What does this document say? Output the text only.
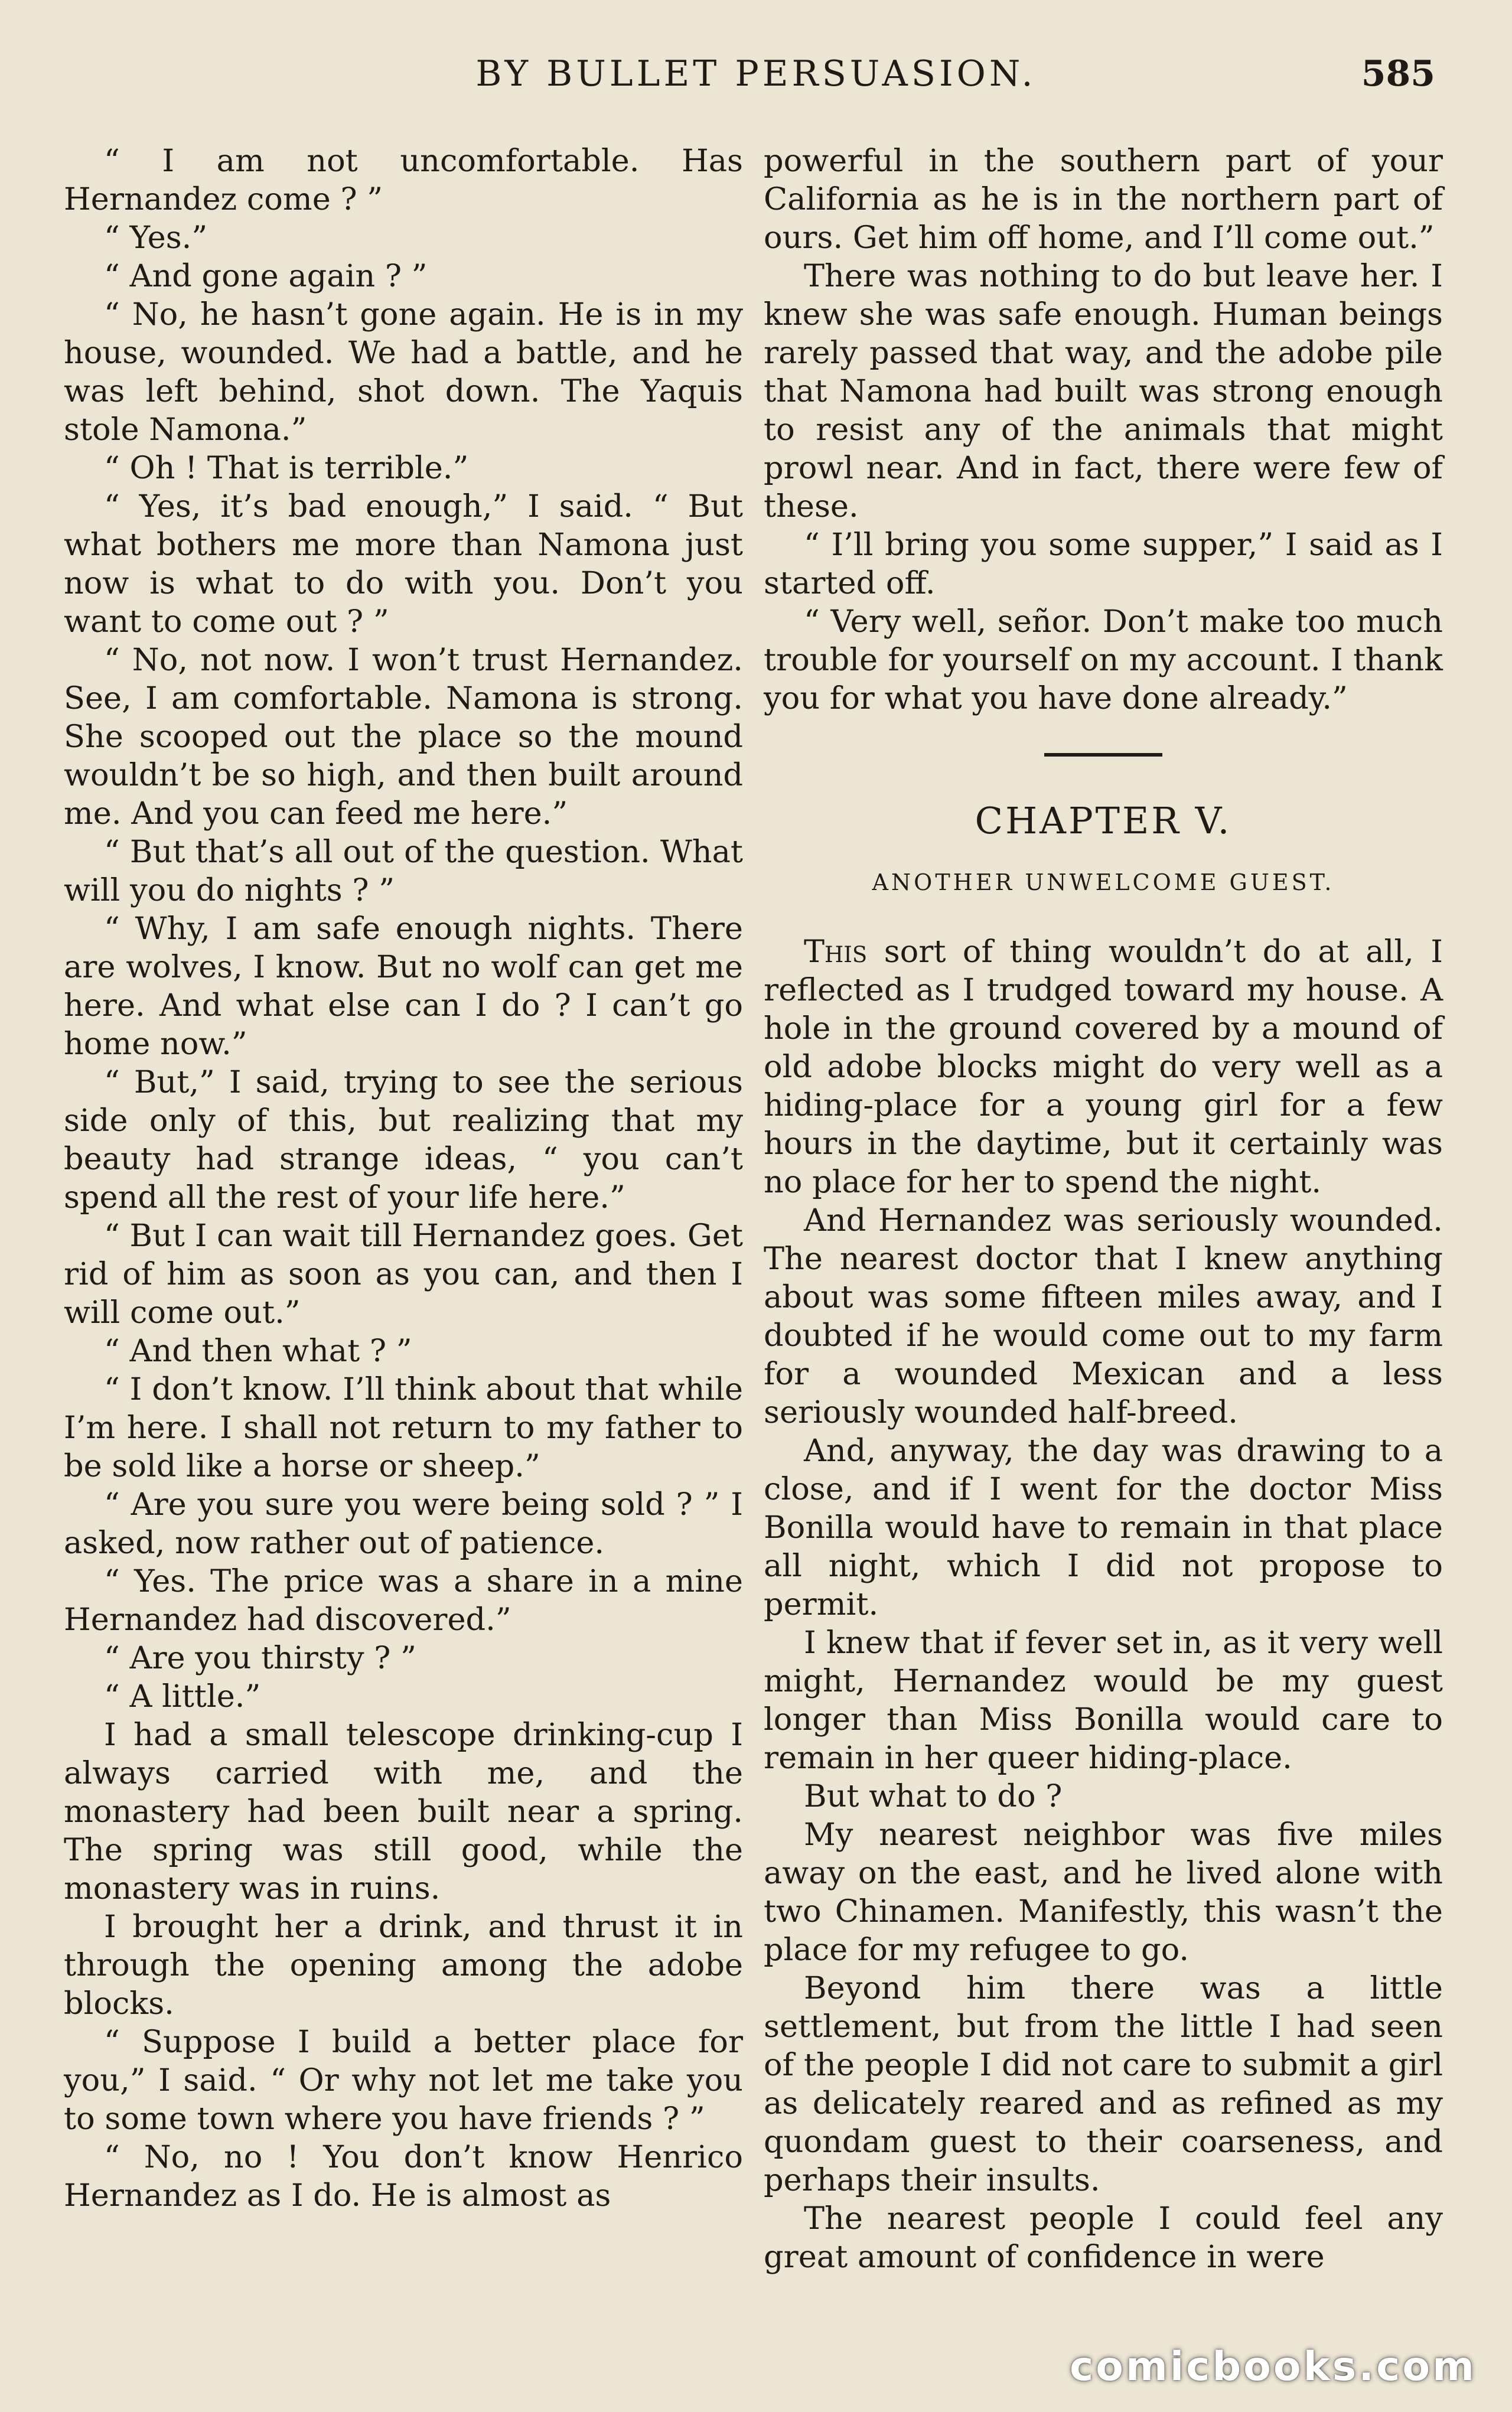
BY BULLET PERSUASION.	585

“ I am not uncomfortable. Has Hernandez come ? ”

“ Yes.”

“ And gone again ? ”

“ No, he hasn’t gone again. He is in my house, wounded. We had a battle, and he was left behind, shot down. The Yaquis stole Namona.”

“ Oh ! That is terrible.”

“ Yes, it’s bad enough,” I said. “ But what bothers me more than Namona just now is what to do with you. Don’t you want to come out ? ”

“ No, not now. I won’t trust Hernandez. See, I am comfortable. Namona is strong. She scooped out the place so the mound wouldn’t be so high, and then built around me. And you can feed me here.”

“ But that’s all out of the question. What will you do nights ? ”

“ Why, I am safe enough nights. There are wolves, I know. But no wolf can get me here. And what else can I do ? I can’t go home now.”

“ But,” I said, trying to see the serious side only of this, but realizing that my beauty had strange ideas, “ you can’t spend all the rest of your life here.”

“ But I can wait till Hernandez goes. Get rid of him as soon as you can, and then I will come out.”

“ And then what ? ”

“ I don’t know. I’ll think about that while I’m here. I shall not return to my father to be sold like a horse or sheep.”

“ Are you sure you were being sold ? ” I asked, now rather out of patience.

“ Yes. The price was a share in a mine Hernandez had discovered.”

“ Are you thirsty ? ”

“ A little.”

I had a small telescope drinking-cup I always carried with me, and the monastery had been built near a spring. The spring was still good, while the monastery was in ruins.

I brought her a drink, and thrust it in through the opening among the adobe blocks.

“ Suppose I build a better place for you,” I said. “ Or why not let me take you to some town where you have friends ? ”

“ No, no ! You don’t know Henrico Hernandez as I do. He is almost as

powerful in the southern part of your California as he is in the northern part of ours. Get him off home, and I’ll come out.”

There was nothing to do but leave her. I knew she was safe enough. Human beings rarely passed that way, and the adobe pile that Namona had built was strong enough to resist any of the animals that might prowl near. And in fact, there were few of these.

“ I’ll bring you some supper,” I said as I started off.

“ Very well, señor. Don’t make too much trouble for yourself on my account. I thank you for what you have done already.”

CHAPTER V.
ANOTHER UNWELCOME GUEST.

This sort of thing wouldn’t do at all, I reflected as I trudged toward my house. A hole in the ground covered by a mound of old adobe blocks might do very well as a hiding-place for a young girl for a few hours in the daytime, but it certainly was no place for her to spend the night.

And Hernandez was seriously wounded. The nearest doctor that I knew anything about was some fifteen miles away, and I doubted if he would come out to my farm for a wounded Mexican and a less seriously wounded half-breed.

And, anyway, the day was drawing to a close, and if I went for the doctor Miss Bonilla would have to remain in that place all night, which I did not propose to permit.

I knew that if fever set in, as it very well might, Hernandez would be my guest longer than Miss Bonilla would care to remain in her queer hiding-place.

But what to do ?

My nearest neighbor was five miles away on the east, and he lived alone with two Chinamen. Manifestly, this wasn’t the place for my refugee to go.

Beyond him there was a little settlement, but from the little I had seen of the people I did not care to submit a girl as delicately reared and as refined as my quondam guest to their coarseness, and perhaps their insults.

The nearest people I could feel any great amount of confidence in were

comicbooks.com
